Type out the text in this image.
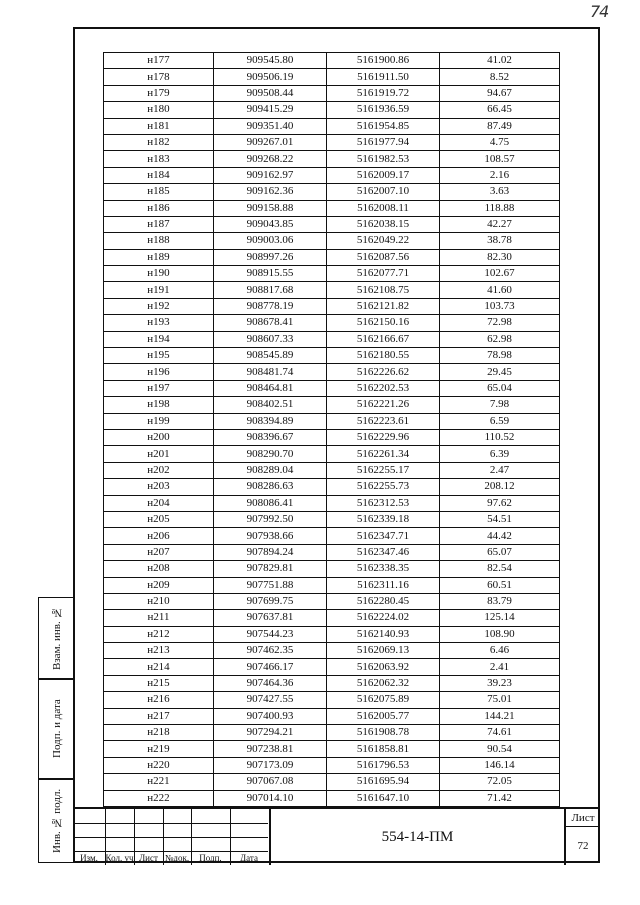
74
Взам. инв. №
Подп. и дата
Инв. № подл.
н177	909545.80	5161900.86	41.02
н178	909506.19	5161911.50	8.52
н179	909508.44	5161919.72	94.67
н180	909415.29	5161936.59	66.45
н181	909351.40	5161954.85	87.49
н182	909267.01	5161977.94	4.75
н183	909268.22	5161982.53	108.57
н184	909162.97	5162009.17	2.16
н185	909162.36	5162007.10	3.63
н186	909158.88	5162008.11	118.88
н187	909043.85	5162038.15	42.27
н188	909003.06	5162049.22	38.78
н189	908997.26	5162087.56	82.30
н190	908915.55	5162077.71	102.67
н191	908817.68	5162108.75	41.60
н192	908778.19	5162121.82	103.73
н193	908678.41	5162150.16	72.98
н194	908607.33	5162166.67	62.98
н195	908545.89	5162180.55	78.98
н196	908481.74	5162226.62	29.45
н197	908464.81	5162202.53	65.04
н198	908402.51	5162221.26	7.98
н199	908394.89	5162223.61	6.59
н200	908396.67	5162229.96	110.52
н201	908290.70	5162261.34	6.39
н202	908289.04	5162255.17	2.47
н203	908286.63	5162255.73	208.12
н204	908086.41	5162312.53	97.62
н205	907992.50	5162339.18	54.51
н206	907938.66	5162347.71	44.42
н207	907894.24	5162347.46	65.07
н208	907829.81	5162338.35	82.54
н209	907751.88	5162311.16	60.51
н210	907699.75	5162280.45	83.79
н211	907637.81	5162224.02	125.14
н212	907544.23	5162140.93	108.90
н213	907462.35	5162069.13	6.46
н214	907466.17	5162063.92	2.41
н215	907464.36	5162062.32	39.23
н216	907427.55	5162075.89	75.01
н217	907400.93	5162005.77	144.21
н218	907294.21	5161908.78	74.61
н219	907238.81	5161858.81	90.54
н220	907173.09	5161796.53	146.14
н221	907067.08	5161695.94	72.05
н222	907014.10	5161647.10	71.42
Изм. Кол. уч Лист №док.	Подп.	Дата
554-14-ПМ
Лист
72
